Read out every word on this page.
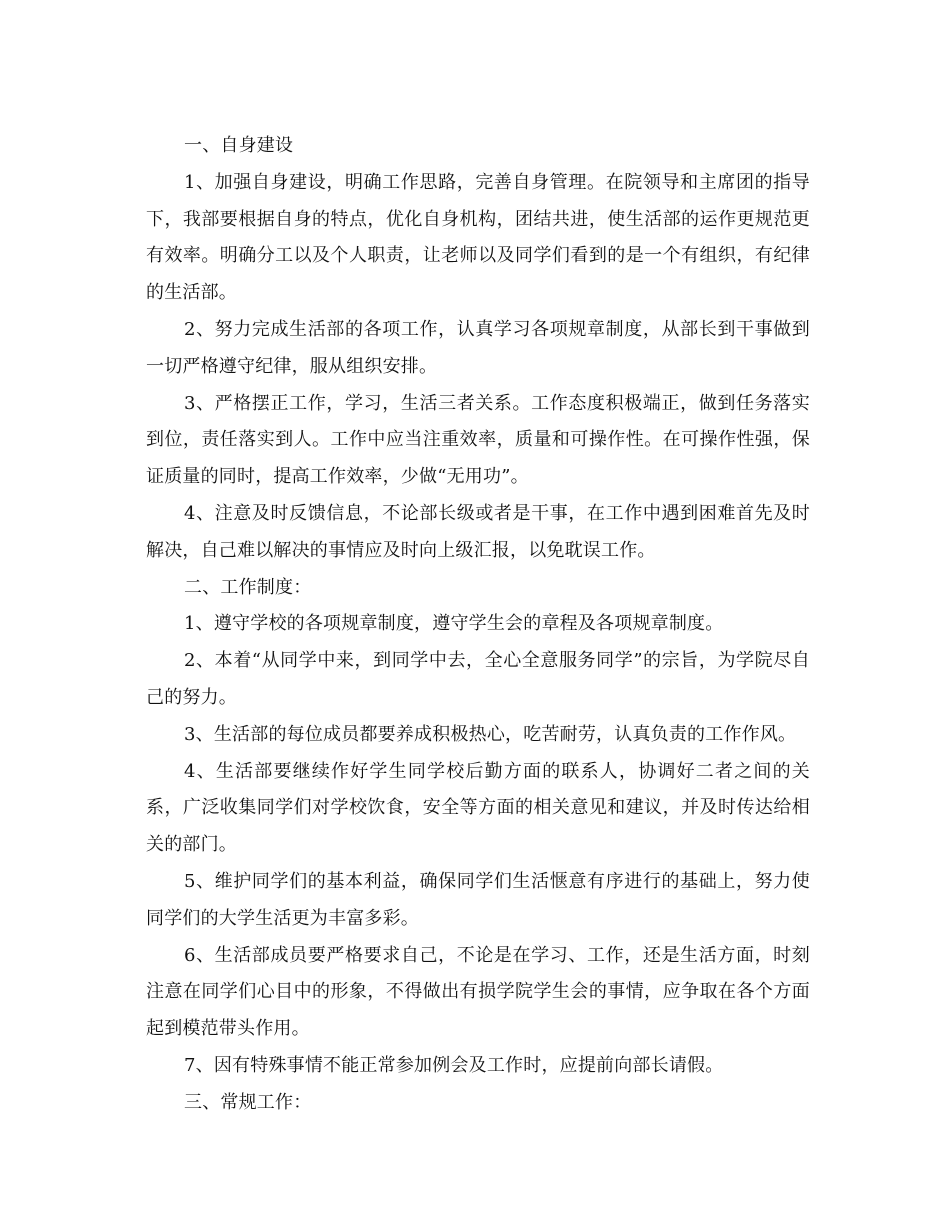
一、自身建设

1、加强自身建设，明确工作思路，完善自身管理。在院领导和主席团的指导下，我部要根据自身的特点，优化自身机构，团结共进，使生活部的运作更规范更有效率。明确分工以及个人职责，让老师以及同学们看到的是一个有组织，有纪律的生活部。

2、努力完成生活部的各项工作，认真学习各项规章制度，从部长到干事做到一切严格遵守纪律，服从组织安排。

3、严格摆正工作，学习，生活三者关系。工作态度积极端正，做到任务落实到位，责任落实到人。工作中应当注重效率，质量和可操作性。在可操作性强，保证质量的同时，提高工作效率，少做“无用功”。

4、注意及时反馈信息，不论部长级或者是干事，在工作中遇到困难首先及时解决，自己难以解决的事情应及时向上级汇报，以免耽误工作。

二、工作制度：

1、遵守学校的各项规章制度，遵守学生会的章程及各项规章制度。

2、本着“从同学中来，到同学中去，全心全意服务同学”的宗旨，为学院尽自己的努力。

3、生活部的每位成员都要养成积极热心，吃苦耐劳，认真负责的工作作风。

4、生活部要继续作好学生同学校后勤方面的联系人，协调好二者之间的关系，广泛收集同学们对学校饮食，安全等方面的相关意见和建议，并及时传达给相关的部门。

5、维护同学们的基本利益，确保同学们生活惬意有序进行的基础上，努力使同学们的大学生活更为丰富多彩。

6、生活部成员要严格要求自己，不论是在学习、工作，还是生活方面，时刻注意在同学们心目中的形象，不得做出有损学院学生会的事情，应争取在各个方面起到模范带头作用。

7、因有特殊事情不能正常参加例会及工作时，应提前向部长请假。

三、常规工作：
